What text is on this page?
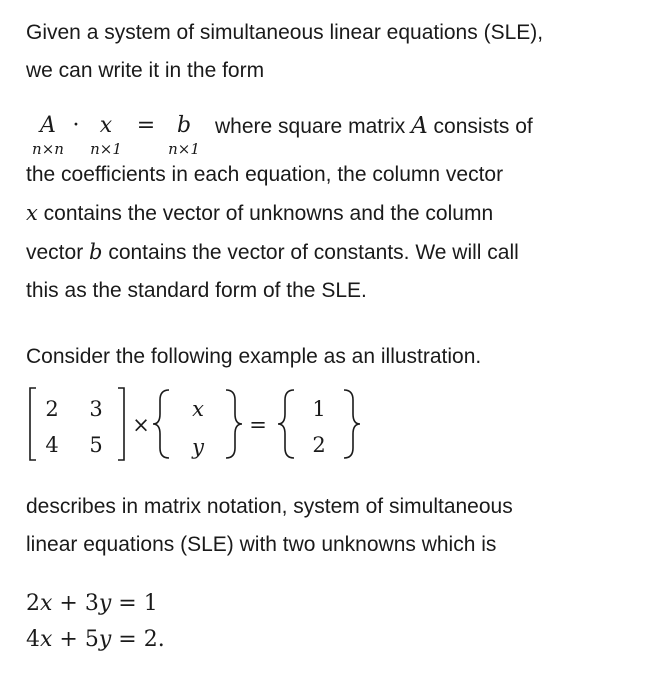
Given a system of simultaneous linear equations (SLE),
we can write it in the form

A
n×n
· x
n×1
= b
n×1
where square matrix A consists of

the coefficients in each equation, the column vector
x contains the vector of unknowns and the column
vector b contains the vector of constants. We will call
this as the standard form of the SLE.

Consider the following example as an illustration.

2 3
4 5
×
x
y
=
1
2

describes in matrix notation, system of simultaneous
linear equations (SLE) with two unknowns which is

2x + 3y = 1
4x + 5y = 2.
